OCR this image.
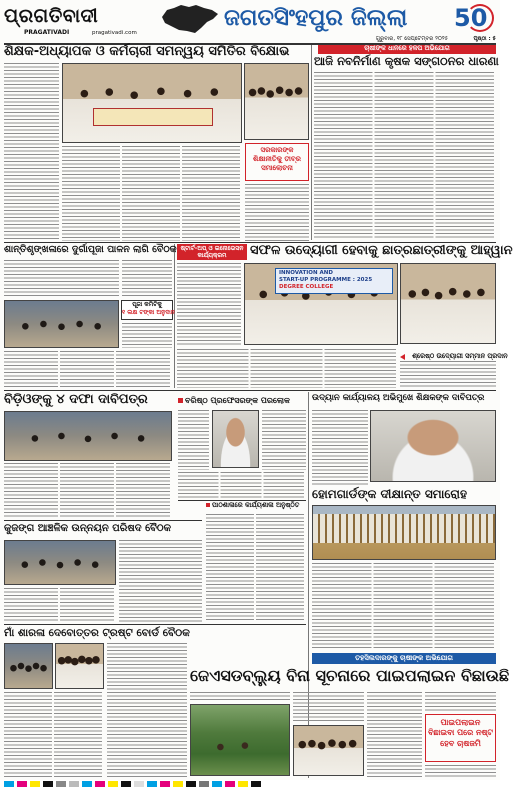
ପ୍ରଗତିବାଦୀ
PRAGATIVADI	pragativadi.com
ଜଗତସିଂହପୁର ଜିଲ୍ଲା	50
ଗୁରୁବାର, ୧୮ ସେପ୍ଟେମ୍ବର ୨୦୨୫	ପୃଷ୍ଠା : ୫
ଶିକ୍ଷକ-ଅଧ୍ୟାପକ ଓ କର୍ମଚାରୀ ସମନ୍ୱୟ ସମିତିର ବିକ୍ଷୋଭ
ସରକାରଙ୍କ ଶିକ୍ଷାନୀତିକୁ ତୀବ୍ର ସମାଲୋଚନା
ଚାଷୀଙ୍କ ଧାନରେ ହଳପ ଅଭିଯୋଗ
ଆଜି ନବନିର୍ମାଣ କୃଷକ ସଙ୍ଗଠନର ଧାରଣା
ଶାନ୍ତିଶୃଙ୍ଖଳାରେ ଦୁର୍ଗାପୂଜା ପାଳନ ଲାଗି ବୈଠକ
ପୂଜା କମିଟିକୁ
୧ ଲକ୍ଷ ଟଙ୍କା ଅନୁଦାନ
ଷ୍ଟାର୍ଟ-ଅପ୍ ଓ ଇନୋଭେସନ କାର୍ଯ୍ୟକ୍ରମ	ସଫଳ ଉଦ୍ୟୋଗୀ ହେବାକୁ ଛାତ୍ରଛାତ୍ରୀଙ୍କୁ ଆହ୍ୱାନ
INNOVATION AND
START-UP PROGRAMME : 2025
DEGREE COLLEGE
ଶ୍ରେଷ୍ଠ ଉଦ୍ୟୋଗୀ ସମ୍ମାନ ପ୍ରଦାନ
ବିଡ଼ିଓଙ୍କୁ ୪ ଦଫା ଦାବିପତ୍ର	ବରିଷ୍ଠ ପ୍ରଫେସରଙ୍କ ପରଲୋକ	ଉଦ୍ୟାନ କାର୍ଯ୍ୟାଳୟ ଅଭିମୁଖେ ଶିକ୍ଷକଙ୍କ ଦାବିପତ୍ର
ହୋମଗାର୍ଡଙ୍କ ଦୀକ୍ଷାନ୍ତ ସମାରୋହ
ପାଠଶାଳାରେ କାର୍ଯ୍ୟଶାଳା ଅନୁଷ୍ଠିତ
କୁଜଙ୍ଗ ଆଞ୍ଚଳିକ ଉନ୍ନୟନ ପରିଷଦ ବୈଠକ
ମାଁ ଶାରଳା ଦେବୋତ୍ତର ଟ୍ରଷ୍ଟ ବୋର୍ଡ ବୈଠକ
ତହସିଲଦାରଙ୍କୁ ଚାଷୀଙ୍କ ଅଭିଯୋଗ
ଜେଏସଡବ୍ଲ୍ୟୁ ବିନା ସୂଚନାରେ ପାଇପଲାଇନ ବିଛାଉଛି
ପାଇପଲାଇନ ବିଛାଇବା ପରେ ନଷ୍ଟ ହେବ ଚାଷଜମି
